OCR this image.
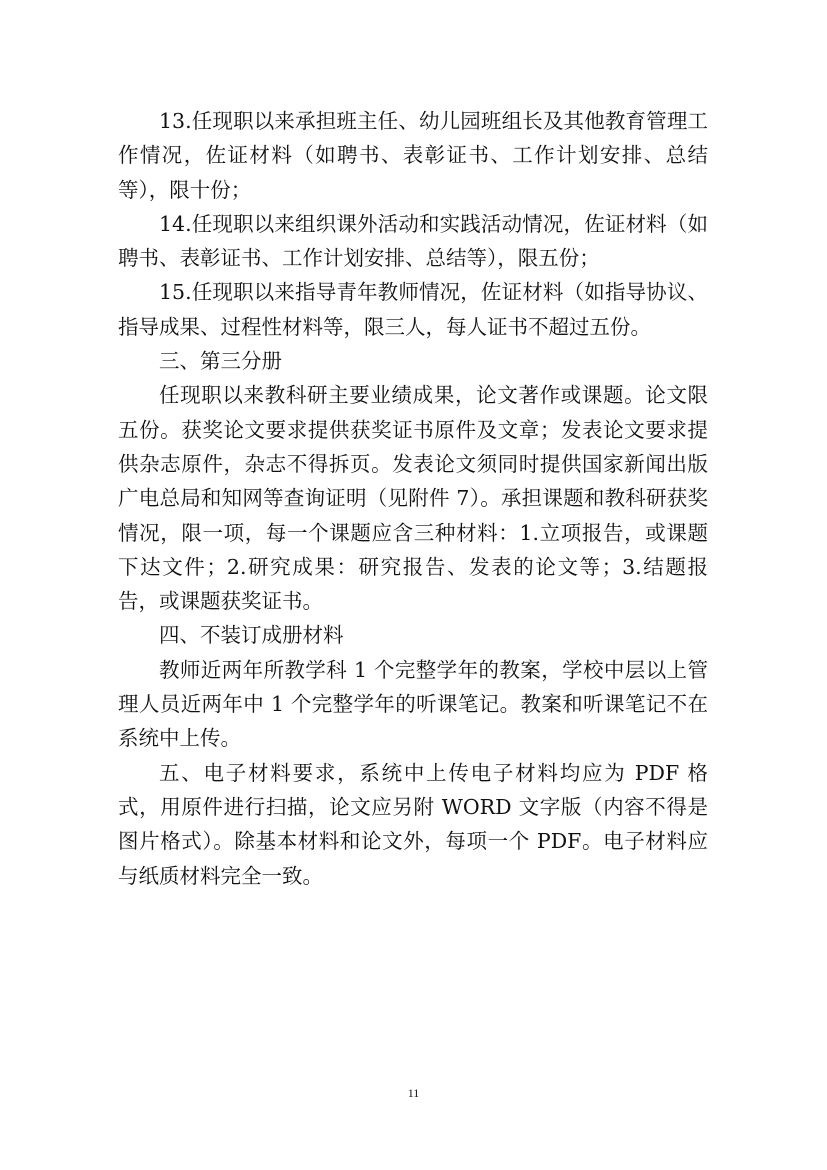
13.任现职以来承担班主任、幼儿园班组长及其他教育管理工作情况，佐证材料（如聘书、表彰证书、工作计划安排、总结等），限十份；

14.任现职以来组织课外活动和实践活动情况，佐证材料（如聘书、表彰证书、工作计划安排、总结等），限五份；

15.任现职以来指导青年教师情况，佐证材料（如指导协议、指导成果、过程性材料等，限三人，每人证书不超过五份。

三、第三分册

任现职以来教科研主要业绩成果，论文著作或课题。论文限五份。获奖论文要求提供获奖证书原件及文章；发表论文要求提供杂志原件，杂志不得拆页。发表论文须同时提供国家新闻出版广电总局和知网等查询证明（见附件 7）。承担课题和教科研获奖情况，限一项，每一个课题应含三种材料：1.立项报告，或课题下达文件；2.研究成果：研究报告、发表的论文等；3.结题报告，或课题获奖证书。

四、不装订成册材料

教师近两年所教学科 1 个完整学年的教案，学校中层以上管理人员近两年中 1 个完整学年的听课笔记。教案和听课笔记不在系统中上传。

五、电子材料要求，系统中上传电子材料均应为 PDF 格式，用原件进行扫描，论文应另附 WORD 文字版（内容不得是图片格式）。除基本材料和论文外，每项一个 PDF。电子材料应与纸质材料完全一致。

11
